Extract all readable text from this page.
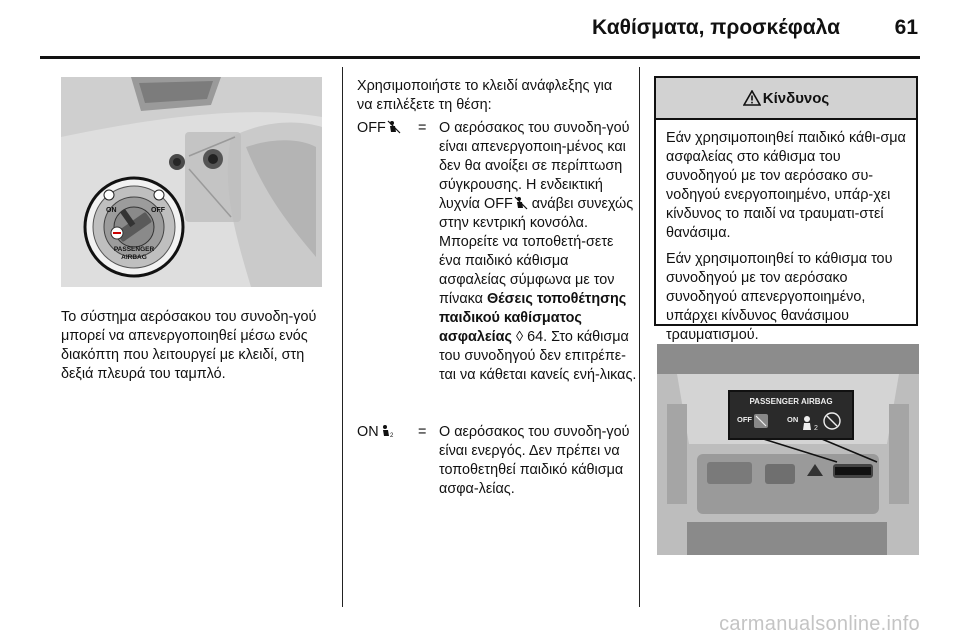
Καθίσματα, προσκέφαλα	61
ON	OFF
PASSENGER
AIRBAG

Το σύστημα αερόσακου του συνοδη-γού μπορεί να απενεργοποιηθεί μέσω ενός διακόπτη που λειτουργεί με κλειδί, στη δεξιά πλευρά του ταμπλό.

Χρησιμοποιήστε το κλειδί ανάφλεξης για να επιλέξετε τη θέση:

OFF	= Ο αερόσακος του συνοδη-γού είναι απενεργοποιη-μένος και δεν θα ανοίξει σε περίπτωση σύγκρουσης. Η ενδεικτική λυχνία OFF ανάβει συνεχώς στην κεντρική κονσόλα. Μπορείτε να τοποθετή-σετε ένα παιδικό κάθισμα ασφαλείας σύμφωνα με τον πίνακα Θέσεις τοποθέτησης παιδικού καθίσματος ασφαλείας ◊ 64. Στο κάθισμα του συνοδηγού δεν επιτρέπε-ται να κάθεται κανείς ενή-λικας.
ON 2 = Ο αερόσακος του συνοδη-γού είναι ενεργός. Δεν πρέπει να τοποθετηθεί παιδικό κάθισμα ασφα-λείας.
Κίνδυνος

Εάν χρησιμοποιηθεί παιδικό κάθι-σμα ασφαλείας στο κάθισμα του συνοδηγού με τον αερόσακο συ-νοδηγού ενεργοποιημένο, υπάρ-χει κίνδυνος το παιδί να τραυματι-στεί θανάσιμα.

Εάν χρησιμοποιηθεί το κάθισμα του συνοδηγού με τον αερόσακο συνοδηγού απενεργοποιημένο, υπάρχει κίνδυνος θανάσιμου τραυματισμού.

PASSENGER AIRBAG
OFF	ON
2
carmanualsonline.info
